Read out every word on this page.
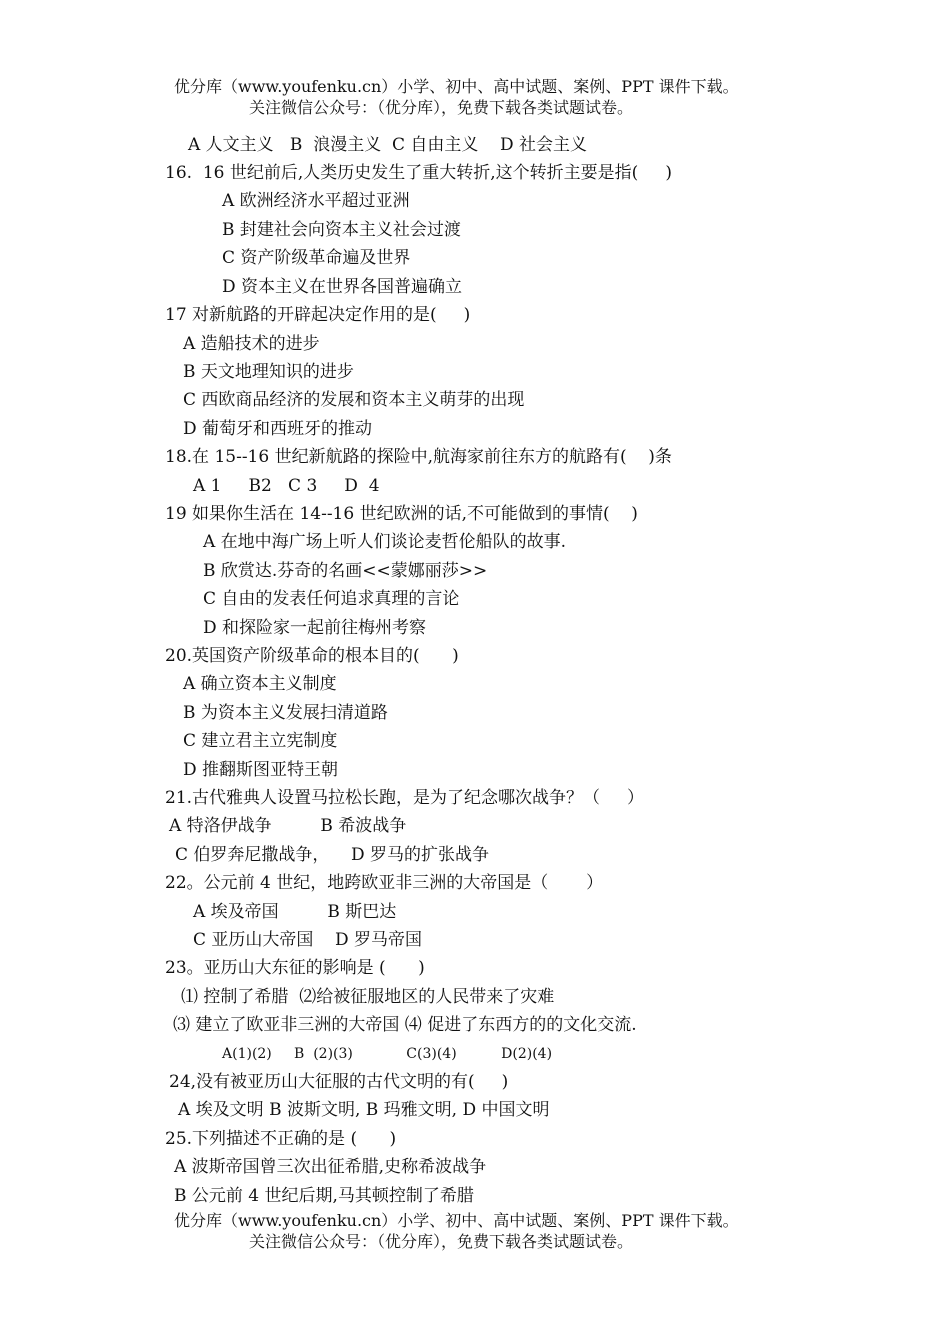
优分库（www.youfenku.cn）小学、初中、高中试题、案例、PPT 课件下载。
关注微信公众号：（优分库），免费下载各类试题试卷。
A 人文主义   B  浪漫主义  C 自由主义    D 社会主义
16.  16 世纪前后,人类历史发生了重大转折,这个转折主要是指(     )
A 欧洲经济水平超过亚洲
B 封建社会向资本主义社会过渡
C 资产阶级革命遍及世界
D 资本主义在世界各国普遍确立
17 对新航路的开辟起决定作用的是(     )
A 造船技术的进步
B 天文地理知识的进步
C 西欧商品经济的发展和资本主义萌芽的出现
D 葡萄牙和西班牙的推动
18.在 15--16 世纪新航路的探险中,航海家前往东方的航路有(    )条
A 1     B2   C 3     D  4
19 如果你生活在 14--16 世纪欧洲的话,不可能做到的事情(    )
A 在地中海广场上听人们谈论麦哲伦船队的故事.
B 欣赏达.芬奇的名画<<蒙娜丽莎>>
C 自由的发表任何追求真理的言论
D 和探险家一起前往梅州考察
20.英国资产阶级革命的根本目的(      )
A 确立资本主义制度
B 为资本主义发展扫清道路
C 建立君主立宪制度
D 推翻斯图亚特王朝
21.古代雅典人设置马拉松长跑，是为了纪念哪次战争？（     ）
A 特洛伊战争         B 希波战争
C 伯罗奔尼撒战争，    D 罗马的扩张战争
22。公元前 4 世纪，地跨欧亚非三洲的大帝国是（       ）
A 埃及帝国         B 斯巴达
C 亚历山大帝国    D 罗马帝国
23。亚历山大东征的影响是 (      )
⑴ 控制了希腊  ⑵给被征服地区的人民带来了灾难
⑶ 建立了欧亚非三洲的大帝国 ⑷ 促进了东西方的的文化交流.
A(1)(2)     B  (2)(3)            C(3)(4)          D(2)(4)
24,没有被亚历山大征服的古代文明的有(     )
A 埃及文明 B 波斯文明, B 玛雅文明, D 中国文明
25.下列描述不正确的是 (      )
A 波斯帝国曾三次出征希腊,史称希波战争
B 公元前 4 世纪后期,马其顿控制了希腊
优分库（www.youfenku.cn）小学、初中、高中试题、案例、PPT 课件下载。
关注微信公众号：（优分库），免费下载各类试题试卷。
